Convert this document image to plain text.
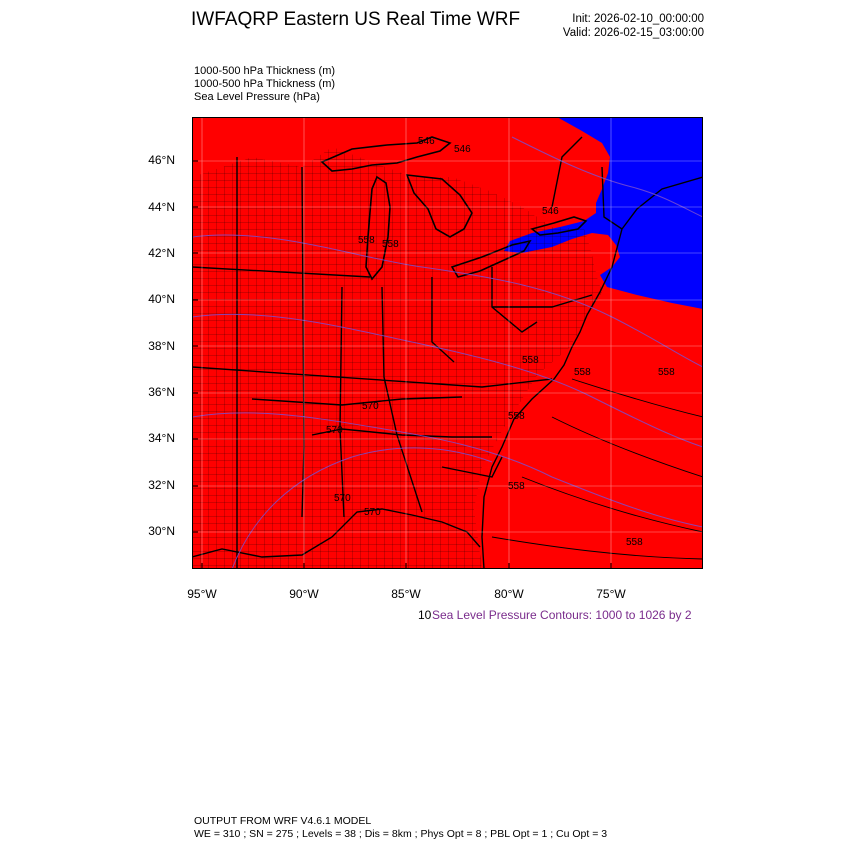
IWFAQRP Eastern US Real Time WRF	Init: 2026-02-10_00:00:00
Valid: 2026-02-15_03:00:00
1000-500 hPa Thickness (m)
1000-500 hPa Thickness (m)
Sea Level Pressure (hPa)
30°N
32°N
34°N
36°N
38°N
40°N
42°N
44°N
46°N
95°W	90°W	85°W	80°W	75°W
546
546
558 558
570
570
570
570
558
558
558
558
546
558
558
10 Sea Level Pressure Contours: 1000 to 1026 by 2
OUTPUT FROM WRF V4.6.1 MODEL
WE = 310 ; SN = 275 ; Levels = 38 ; Dis = 8km ; Phys Opt = 8 ; PBL Opt = 1 ; Cu Opt = 3
